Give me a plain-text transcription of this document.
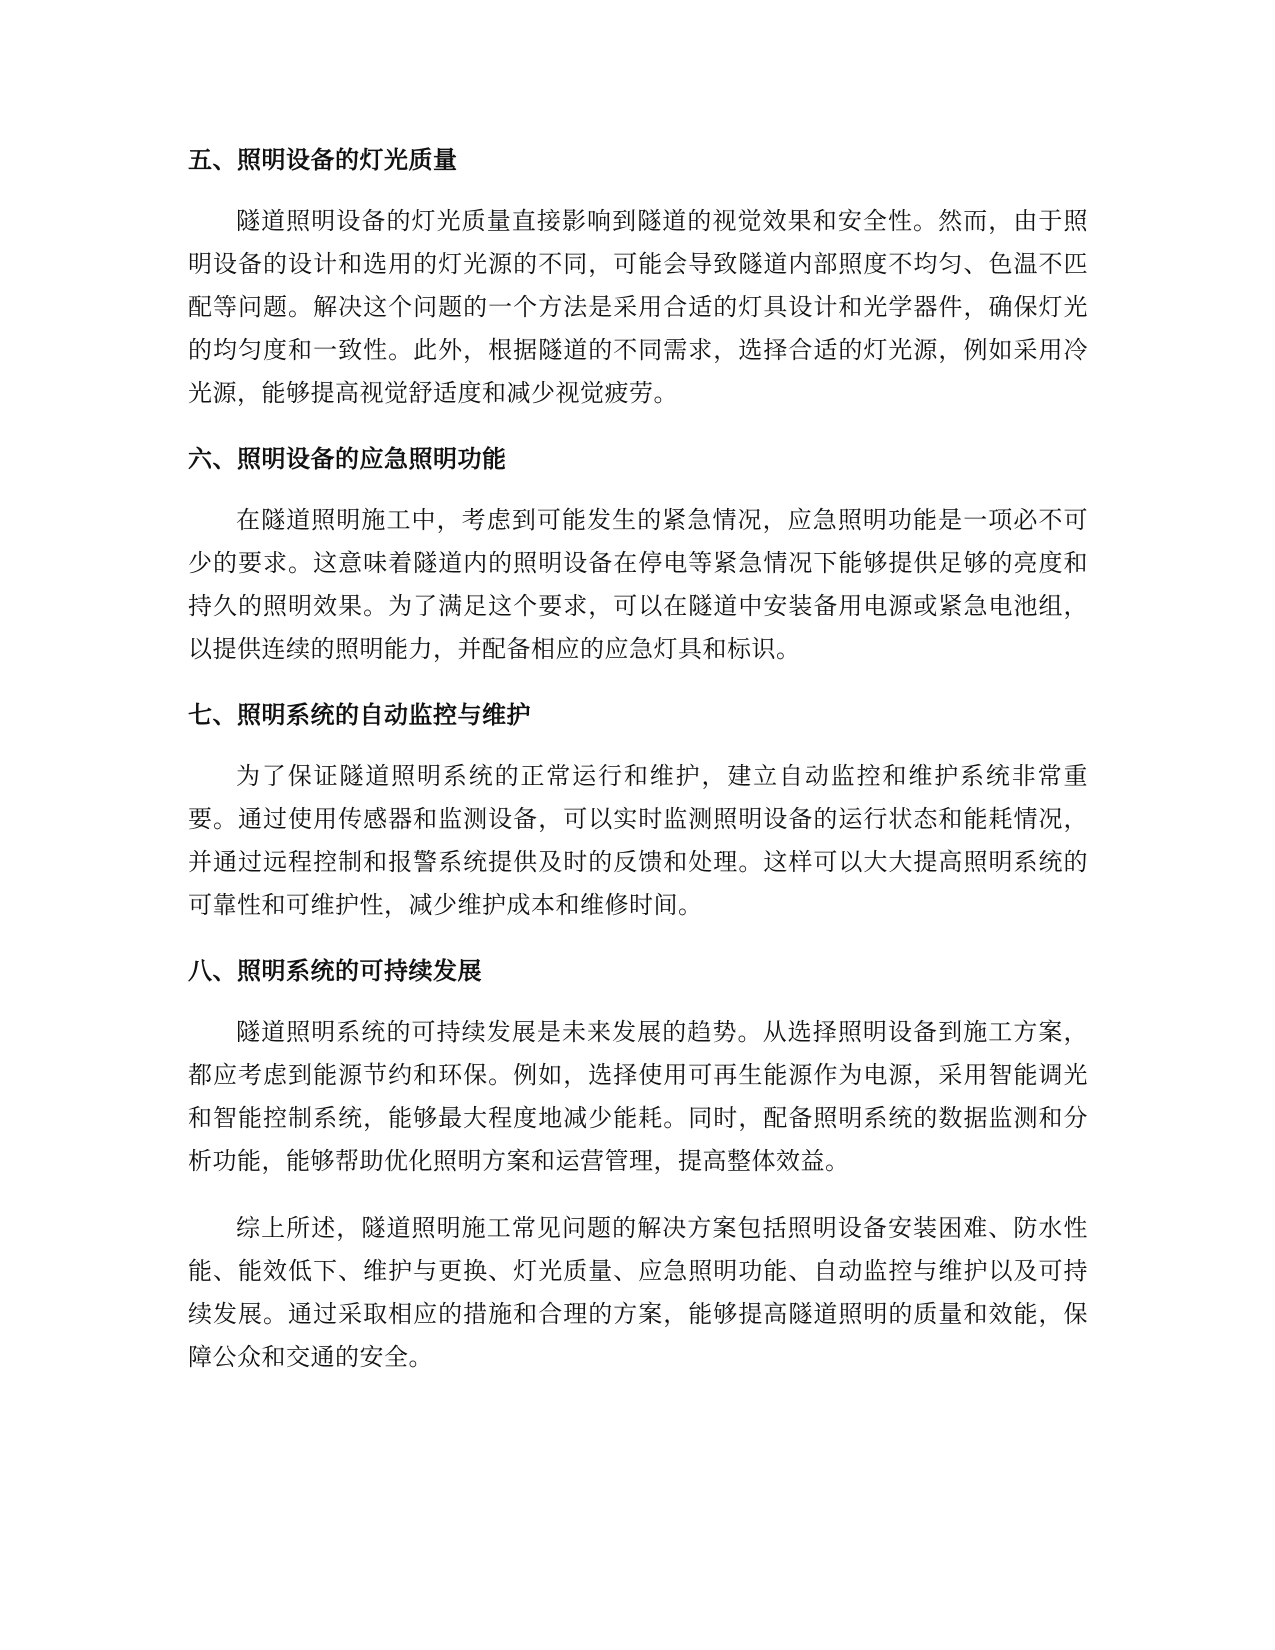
五、照明设备的灯光质量

隧道照明设备的灯光质量直接影响到隧道的视觉效果和安全性。然而，由于照明设备的设计和选用的灯光源的不同，可能会导致隧道内部照度不均匀、色温不匹配等问题。解决这个问题的一个方法是采用合适的灯具设计和光学器件，确保灯光的均匀度和一致性。此外，根据隧道的不同需求，选择合适的灯光源，例如采用冷光源，能够提高视觉舒适度和减少视觉疲劳。

六、照明设备的应急照明功能

在隧道照明施工中，考虑到可能发生的紧急情况，应急照明功能是一项必不可少的要求。这意味着隧道内的照明设备在停电等紧急情况下能够提供足够的亮度和持久的照明效果。为了满足这个要求，可以在隧道中安装备用电源或紧急电池组，以提供连续的照明能力，并配备相应的应急灯具和标识。

七、照明系统的自动监控与维护

为了保证隧道照明系统的正常运行和维护，建立自动监控和维护系统非常重要。通过使用传感器和监测设备，可以实时监测照明设备的运行状态和能耗情况，并通过远程控制和报警系统提供及时的反馈和处理。这样可以大大提高照明系统的可靠性和可维护性，减少维护成本和维修时间。

八、照明系统的可持续发展

隧道照明系统的可持续发展是未来发展的趋势。从选择照明设备到施工方案，都应考虑到能源节约和环保。例如，选择使用可再生能源作为电源，采用智能调光和智能控制系统，能够最大程度地减少能耗。同时，配备照明系统的数据监测和分析功能，能够帮助优化照明方案和运营管理，提高整体效益。

综上所述，隧道照明施工常见问题的解决方案包括照明设备安装困难、防水性能、能效低下、维护与更换、灯光质量、应急照明功能、自动监控与维护以及可持续发展。通过采取相应的措施和合理的方案，能够提高隧道照明的质量和效能，保障公众和交通的安全。
